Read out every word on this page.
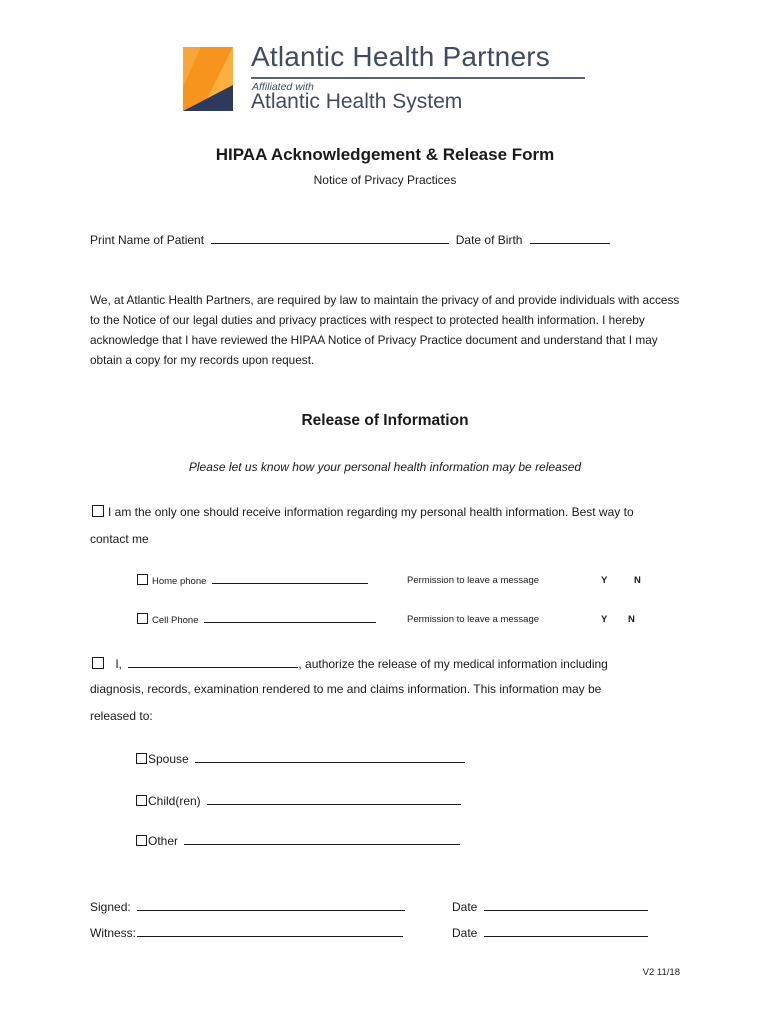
Atlantic Health Partners
Affiliated with
Atlantic Health System
HIPAA Acknowledgement & Release Form
Notice of Privacy Practices
Print Name of Patient	Date of Birth
We, at Atlantic Health Partners, are required by law to maintain the privacy of and provide individuals with access to the Notice of our legal duties and privacy practices with respect to protected health information. I hereby acknowledge that I have reviewed the HIPAA Notice of Privacy Practice document and understand that I may obtain a copy for my records upon request.
Release of Information
Please let us know how your personal health information may be released
I am the only one should receive information regarding my personal health information. Best way to
contact me
Home phone	Permission to leave a message	Y	N
Cell Phone	Permission to leave a message	Y N
I,	, authorize the release of my medical information including
diagnosis, records, examination rendered to me and claims information. This information may be
released to:
Spouse
Child(ren)
Other
Signed:	Date
Witness:	Date
V2 11/18
